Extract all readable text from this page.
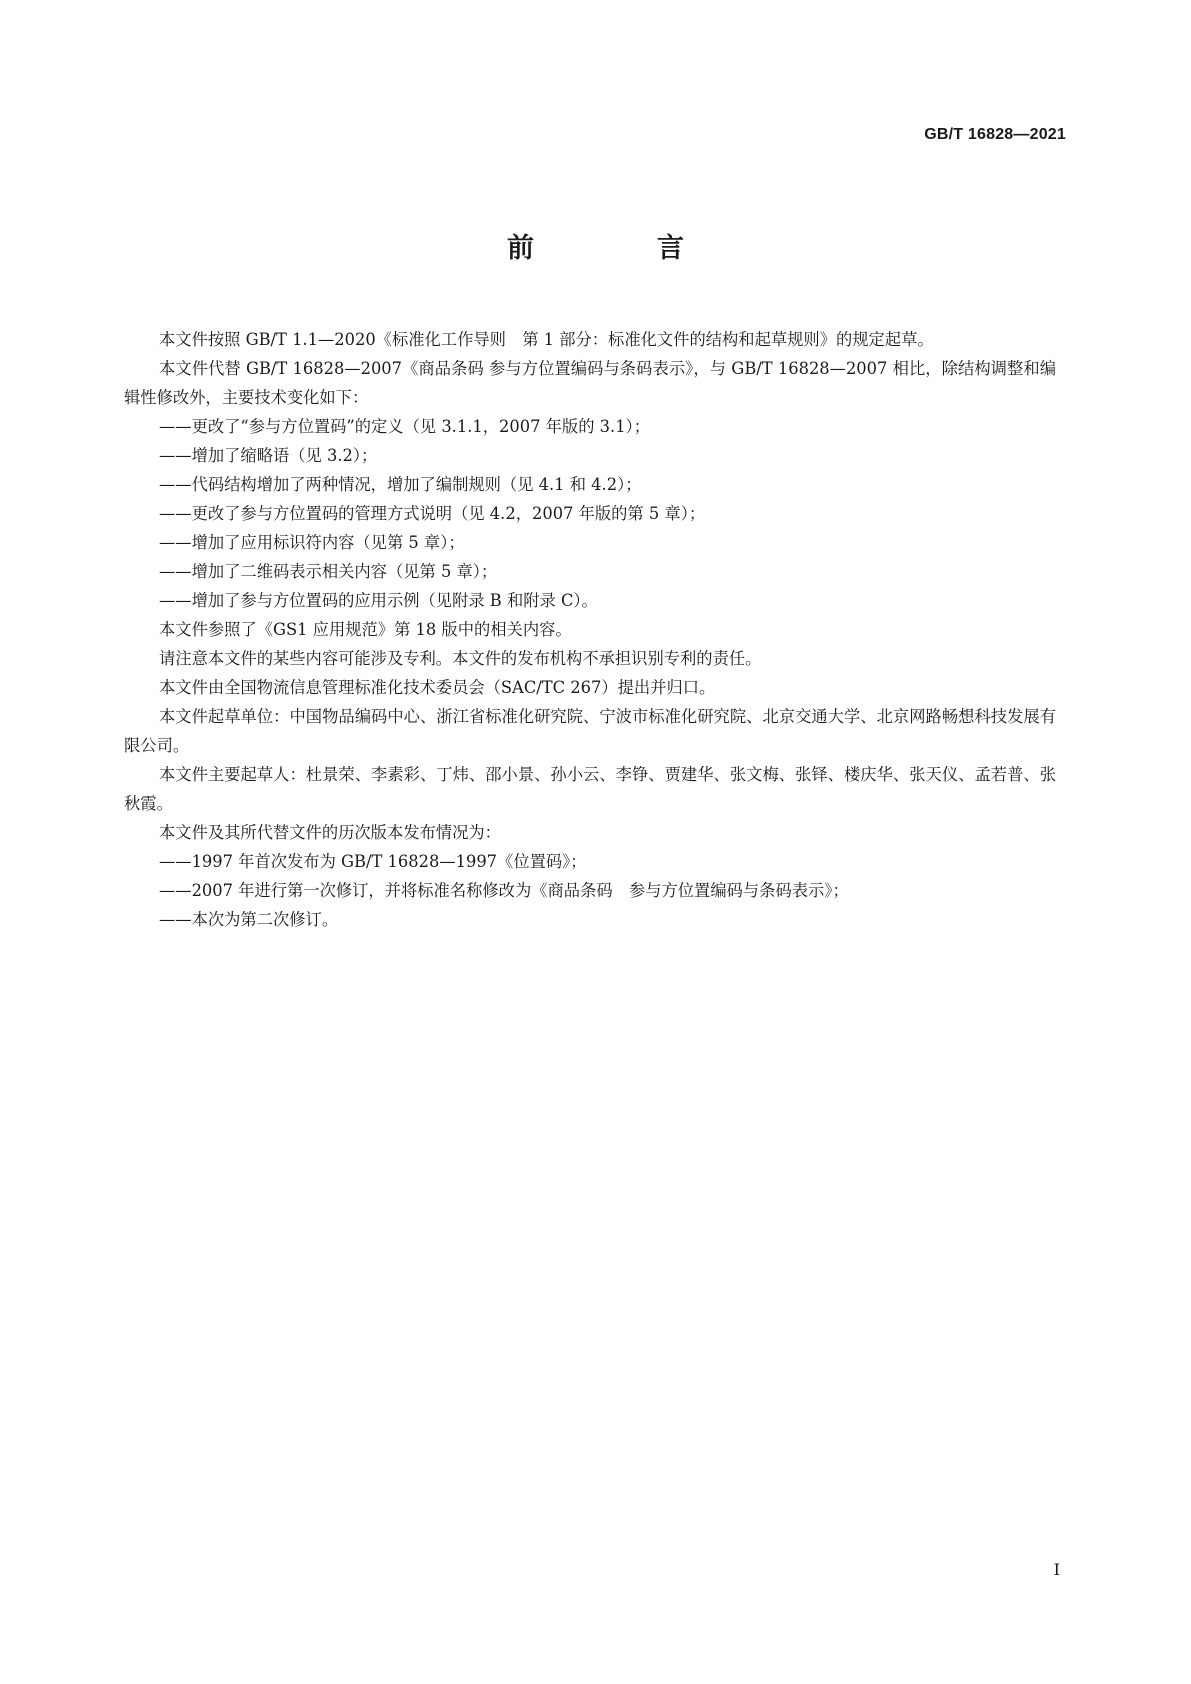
GB/T 16828—2021
前　言

本文件按照 GB/T 1.1—2020《标准化工作导则　第 1 部分：标准化文件的结构和起草规则》的规定起草。

本文件代替 GB/T 16828—2007《商品条码 参与方位置编码与条码表示》，与 GB/T 16828—2007 相比，除结构调整和编辑性修改外，主要技术变化如下：

——更改了“参与方位置码”的定义（见 3.1.1，2007 年版的 3.1）；

——增加了缩略语（见 3.2）；

——代码结构增加了两种情况，增加了编制规则（见 4.1 和 4.2）；

——更改了参与方位置码的管理方式说明（见 4.2，2007 年版的第 5 章）；

——增加了应用标识符内容（见第 5 章）；

——增加了二维码表示相关内容（见第 5 章）；

——增加了参与方位置码的应用示例（见附录 B 和附录 C）。

本文件参照了《GS1 应用规范》第 18 版中的相关内容。

请注意本文件的某些内容可能涉及专利。本文件的发布机构不承担识别专利的责任。

本文件由全国物流信息管理标准化技术委员会（SAC/TC 267）提出并归口。

本文件起草单位：中国物品编码中心、浙江省标准化研究院、宁波市标准化研究院、北京交通大学、北京网路畅想科技发展有限公司。

本文件主要起草人：杜景荣、李素彩、丁炜、邵小景、孙小云、李铮、贾建华、张文梅、张铎、楼庆华、张天仪、孟若普、张秋霞。

本文件及其所代替文件的历次版本发布情况为：

——1997 年首次发布为 GB/T 16828—1997《位置码》；

——2007 年进行第一次修订，并将标准名称修改为《商品条码　参与方位置编码与条码表示》；

——本次为第二次修订。

I
